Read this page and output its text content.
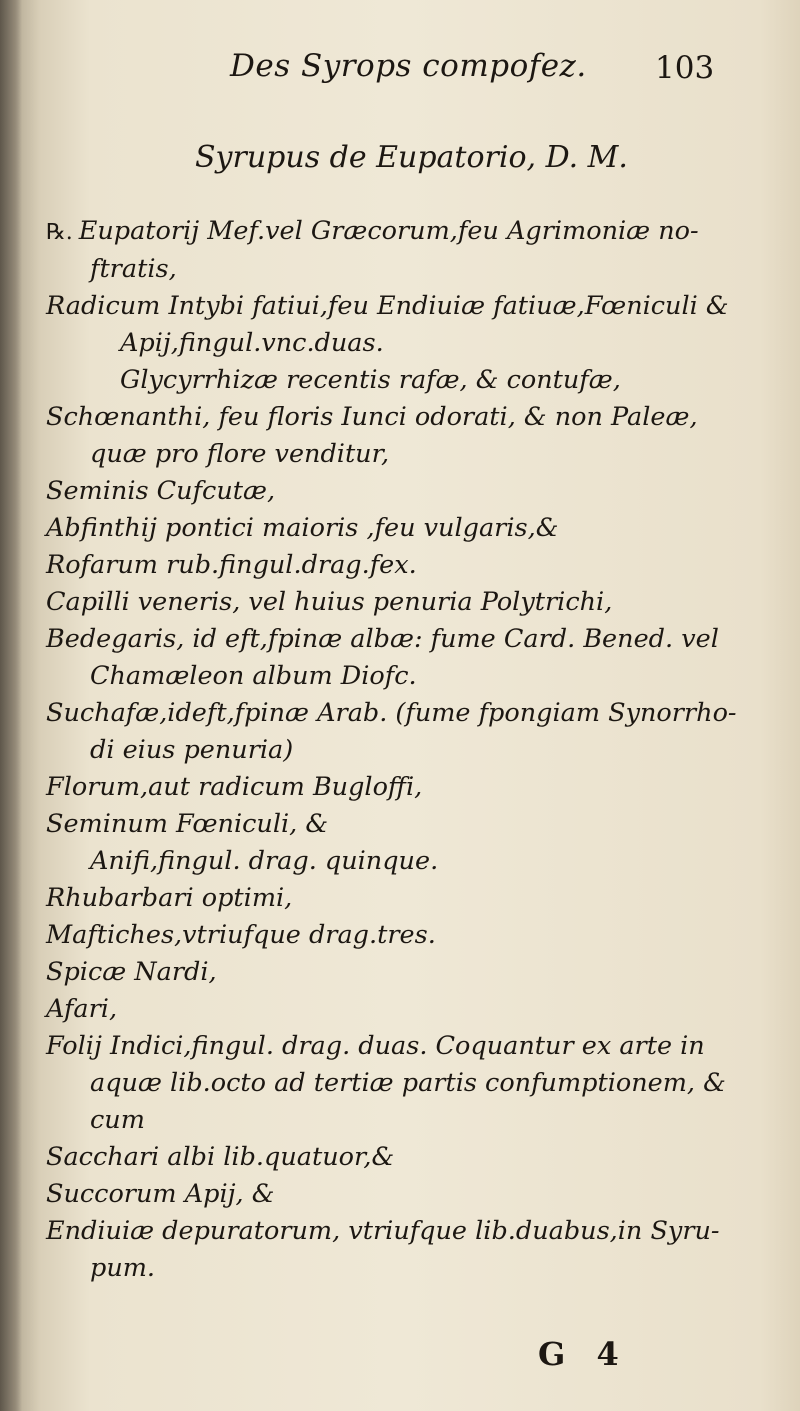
Des Syrops compofez. 103
Syrupus de Eupatorio, D. M.
℞. Eupatorij Mef.vel Græcorum,feu Agrimoniæ no-
ftratis,
Radicum Intybi fatiui,feu Endiuiæ fatiuæ,Fœniculi &
Apij,fingul.vnc.duas.
Glycyrrhizæ recentis rafæ, & contufæ,
Schœnanthi, feu floris Iunci odorati, & non Paleæ,
quæ pro flore venditur,
Seminis Cufcutæ,
Abfinthij pontici maioris ,feu vulgaris,&
Rofarum rub.fingul.drag.fex.
Capilli veneris, vel huius penuria Polytrichi,
Bedegaris, id eft,fpinæ albæ: fume Card. Bened. vel
Chamæleon album Diofc.
Suchafæ,ideft,fpinæ Arab. (fume fpongiam Synorrho-
di eius penuria)
Florum,aut radicum Bugloffi,
Seminum Fœniculi, &
Anifi,fingul. drag. quinque.
Rhubarbari optimi,
Maftiches,vtriufque drag.tres.
Spicæ Nardi,
Afari,
Folij Indici,fingul. drag. duas. Coquantur ex arte in
aquæ lib.octo ad tertiæ partis confumptionem, &
cum
Sacchari albi lib.quatuor,&
Succorum Apij, &
Endiuiæ depuratorum, vtriufque lib.duabus,in Syru-
pum.
G 4
